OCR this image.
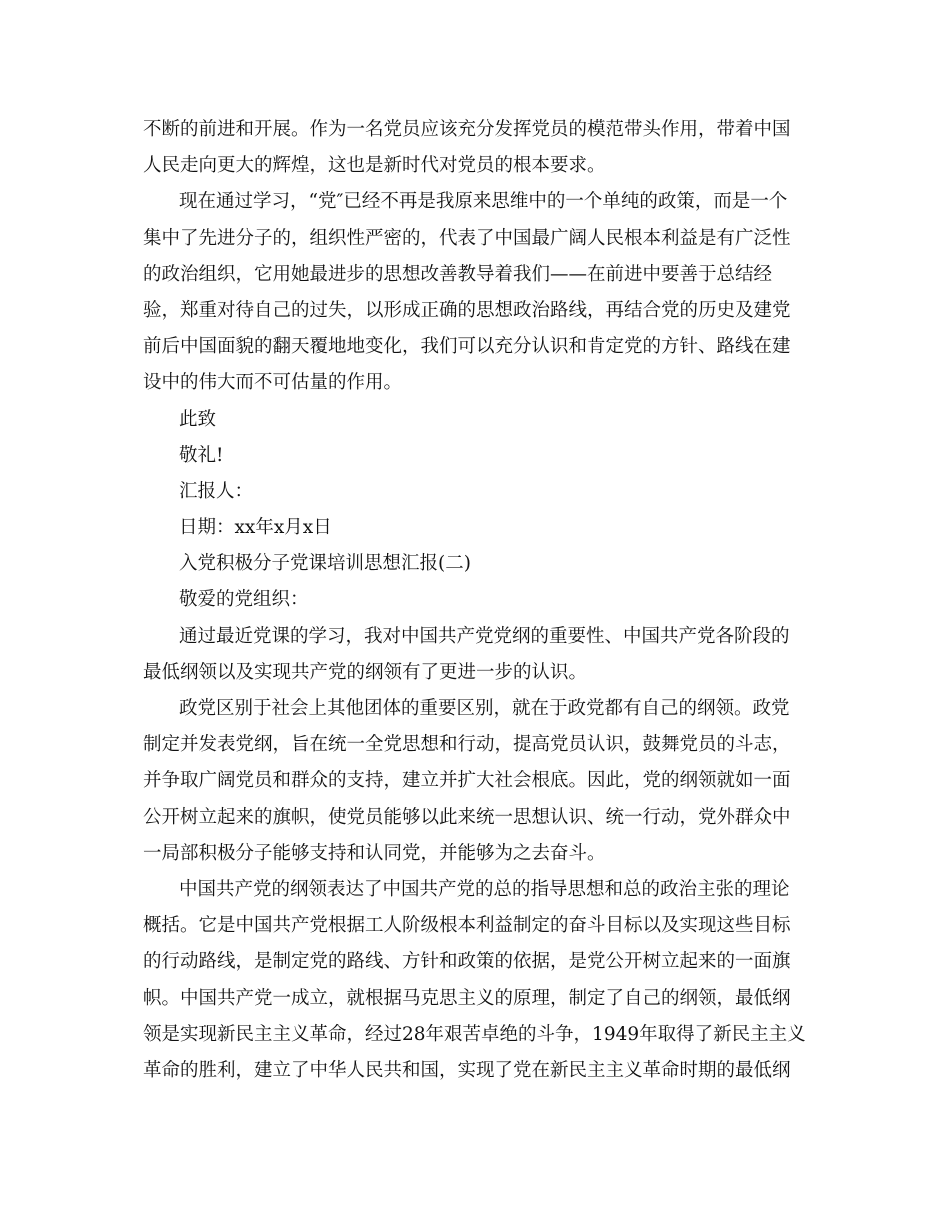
不断的前进和开展。作为一名党员应该充分发挥党员的模范带头作用，带着中国
人民走向更大的辉煌，这也是新时代对党员的根本要求。
现在通过学习，“党″已经不再是我原来思维中的一个单纯的政策，而是一个
集中了先进分子的，组织性严密的，代表了中国最广阔人民根本利益是有广泛性
的政治组织，它用她最进步的思想改善教导着我们——在前进中要善于总结经
验，郑重对待自己的过失，以形成正确的思想政治路线，再结合党的历史及建党
前后中国面貌的翻天覆地地变化，我们可以充分认识和肯定党的方针、路线在建
设中的伟大而不可估量的作用。
此致
敬礼!
汇报人：
日期：xx年x月x日
入党积极分子党课培训思想汇报(二)
敬爱的党组织：
通过最近党课的学习，我对中国共产党党纲的重要性、中国共产党各阶段的
最低纲领以及实现共产党的纲领有了更进一步的认识。
政党区别于社会上其他团体的重要区别，就在于政党都有自己的纲领。政党
制定并发表党纲，旨在统一全党思想和行动，提高党员认识，鼓舞党员的斗志，
并争取广阔党员和群众的支持，建立并扩大社会根底。因此，党的纲领就如一面
公开树立起来的旗帜，使党员能够以此来统一思想认识、统一行动，党外群众中
一局部积极分子能够支持和认同党，并能够为之去奋斗。
中国共产党的纲领表达了中国共产党的总的指导思想和总的政治主张的理论
概括。它是中国共产党根据工人阶级根本利益制定的奋斗目标以及实现这些目标
的行动路线，是制定党的路线、方针和政策的依据，是党公开树立起来的一面旗
帜。中国共产党一成立，就根据马克思主义的原理，制定了自己的纲领，最低纲
领是实现新民主主义革命，经过28年艰苦卓绝的斗争，1949年取得了新民主主义
革命的胜利，建立了中华人民共和国，实现了党在新民主主义革命时期的最低纲
